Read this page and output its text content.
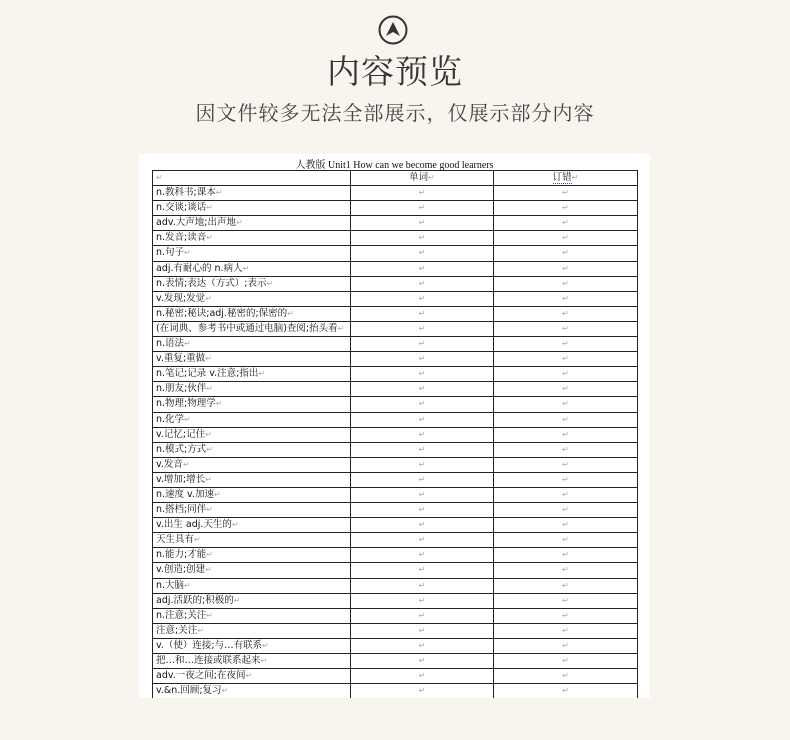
内容预览
因文件较多无法全部展示，仅展示部分内容
人教版 Unit1 How can we become good learners
↵	单词↵	订错↵
n.教科书;课本↵	↵	↵
n.交谈;谈话↵	↵	↵
adv.大声地;出声地↵	↵	↵
n.发音;读音↵	↵	↵
n.句子↵	↵	↵
adj.有耐心的 n.病人↵	↵	↵
n.表情;表达（方式）;表示↵	↵	↵
v.发现;发觉↵	↵	↵
n.秘密;秘诀;adj.秘密的;保密的↵	↵	↵
(在词典、参考书中或通过电脑)查阅;抬头看↵	↵	↵
n.语法↵	↵	↵
v.重复;重做↵	↵	↵
n.笔记;记录 v.注意;指出↵	↵	↵
n.朋友;伙伴↵	↵	↵
n.物理;物理学↵	↵	↵
n.化学↵	↵	↵
v.记忆;记住↵	↵	↵
n.模式;方式↵	↵	↵
v.发音↵	↵	↵
v.增加;增长↵	↵	↵
n.速度 v.加速↵	↵	↵
n.搭档;同伴↵	↵	↵
v.出生 adj.天生的↵	↵	↵
天生具有↵	↵	↵
n.能力;才能↵	↵	↵
v.创造;创建↵	↵	↵
n.大脑↵	↵	↵
adj.活跃的;积极的↵	↵	↵
n.注意;关注↵	↵	↵
注意;关注↵	↵	↵
v.（使）连接;与…有联系↵	↵	↵
把…和…连接或联系起来↵	↵	↵
adv.一夜之间;在夜间↵	↵	↵
v.&n.回顾;复习↵	↵	↵
